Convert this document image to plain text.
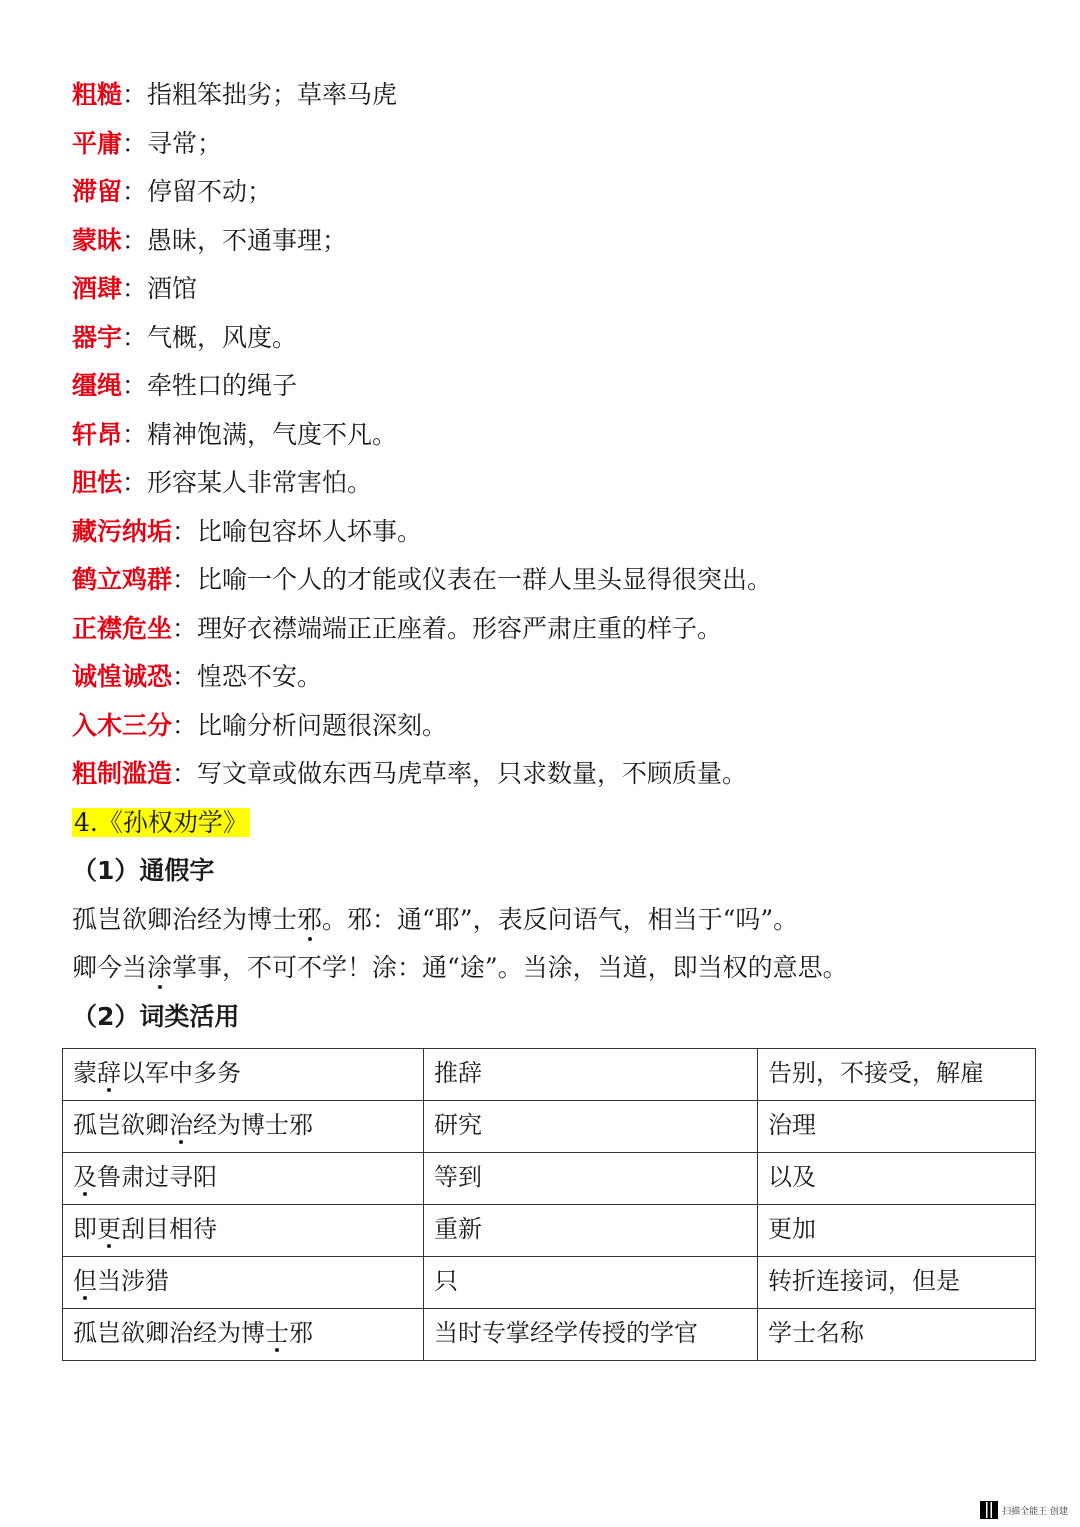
粗糙：指粗笨拙劣；草率马虎
平庸：寻常；
滞留：停留不动；
蒙昧：愚昧，不通事理；
酒肆：酒馆
器宇：气概，风度。
缰绳：牵牲口的绳子
轩昂：精神饱满，气度不凡。
胆怯：形容某人非常害怕。
藏污纳垢：比喻包容坏人坏事。
鹤立鸡群：比喻一个人的才能或仪表在一群人里头显得很突出。
正襟危坐：理好衣襟端端正正座着。形容严肃庄重的样子。
诚惶诚恐：惶恐不安。
入木三分：比喻分析问题很深刻。
粗制滥造：写文章或做东西马虎草率，只求数量，不顾质量。
4.《孙权劝学》
（1）通假字
孤岂欲卿治经为博士邪。邪：通“耶”，表反问语气，相当于“吗”。
卿今当涂掌事，不可不学！涂：通“途”。当涂，当道，即当权的意思。
（2）词类活用
蒙辞以军中多务	推辞	告别，不接受，解雇
孤岂欲卿治经为博士邪	研究	治理
及鲁肃过寻阳	等到	以及
即更刮目相待	重新	更加
但当涉猎	只	转折连接词，但是
孤岂欲卿治经为博士邪	当时专掌经学传授的学官	学士名称
扫描全能王 创建
